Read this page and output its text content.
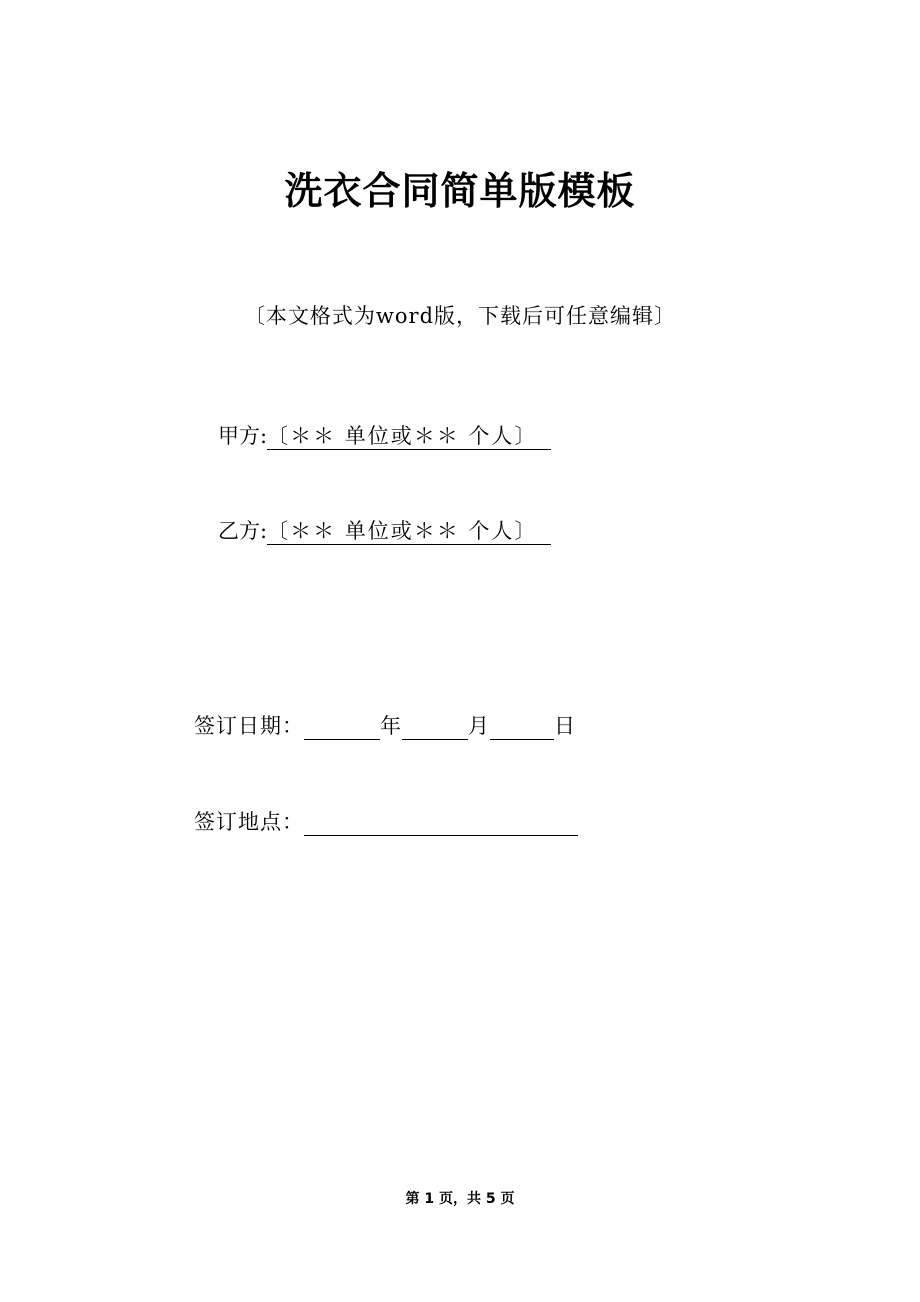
洗衣合同简单版模板
〔本文格式为word版，下载后可任意编辑〕
甲方:〔＊＊ 单位或＊＊ 个人〕
乙方:〔＊＊ 单位或＊＊ 个人〕
签订日期：	年	月	日
签订地点：
第 1 页，共 5 页
